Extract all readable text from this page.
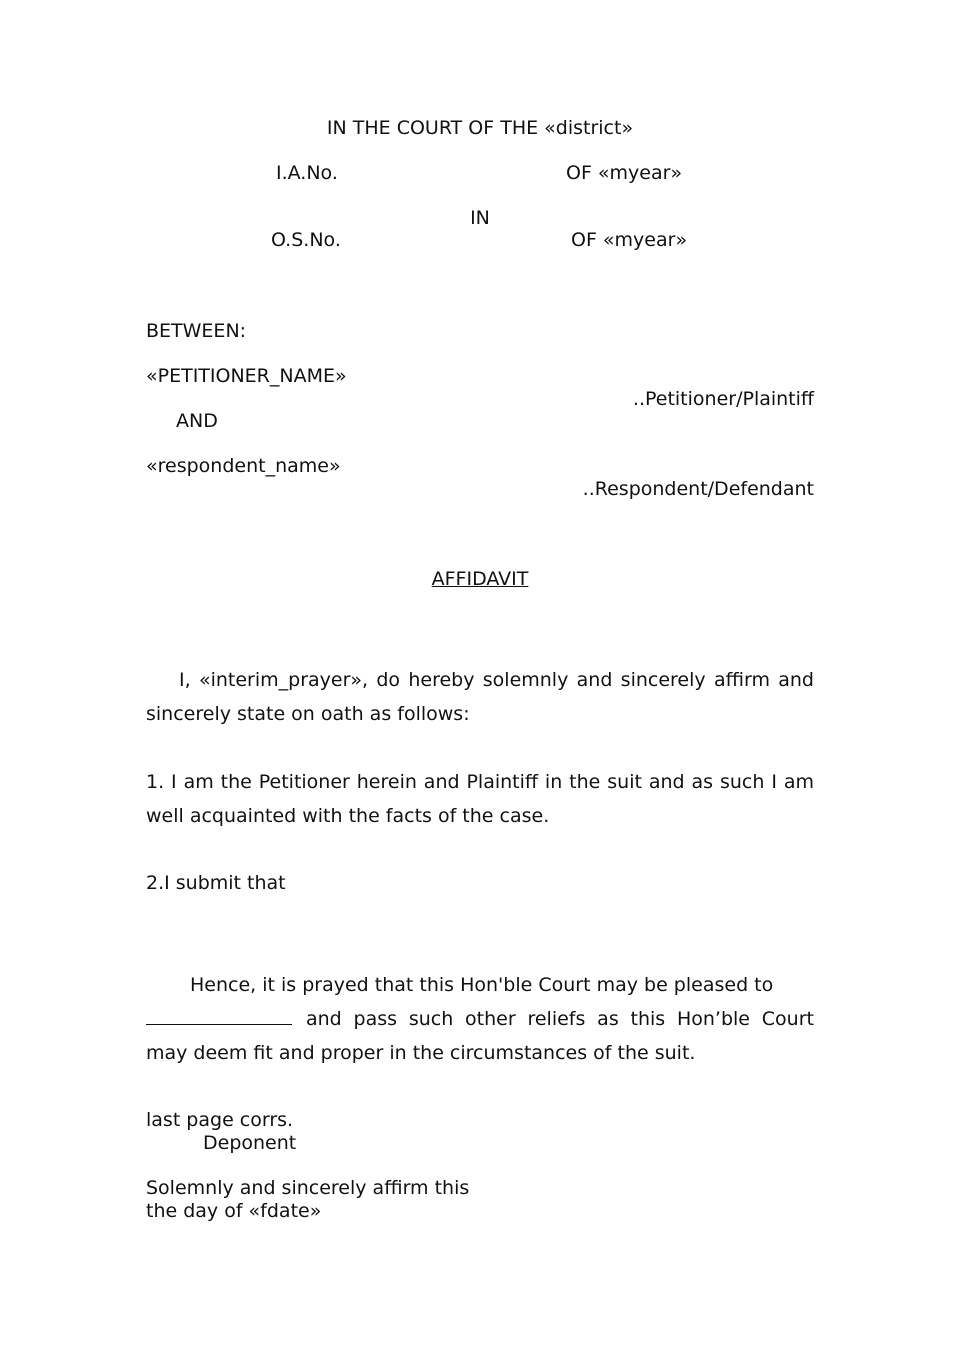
IN THE COURT OF THE «district»
I.A.No.	OF «myear»
IN
O.S.No.	OF «myear»
BETWEEN:
«PETITIONER_NAME»
..Petitioner/Plaintiff
AND
«respondent_name»
..Respondent/Defendant
AFFIDAVIT
I, «interim_prayer», do hereby solemnly and sincerely affirm and sincerely state on oath as follows:
1. I am the Petitioner herein and Plaintiff in the suit and as such I am well acquainted with the facts of the case.
2.I submit that
Hence, it is prayed that this Hon'ble Court may be pleased to
and pass such other reliefs as this Hon’ble Court may deem fit and proper in the circumstances of the suit.
last page corrs.
Deponent
Solemnly and sincerely affirm this
the day of «fdate»
